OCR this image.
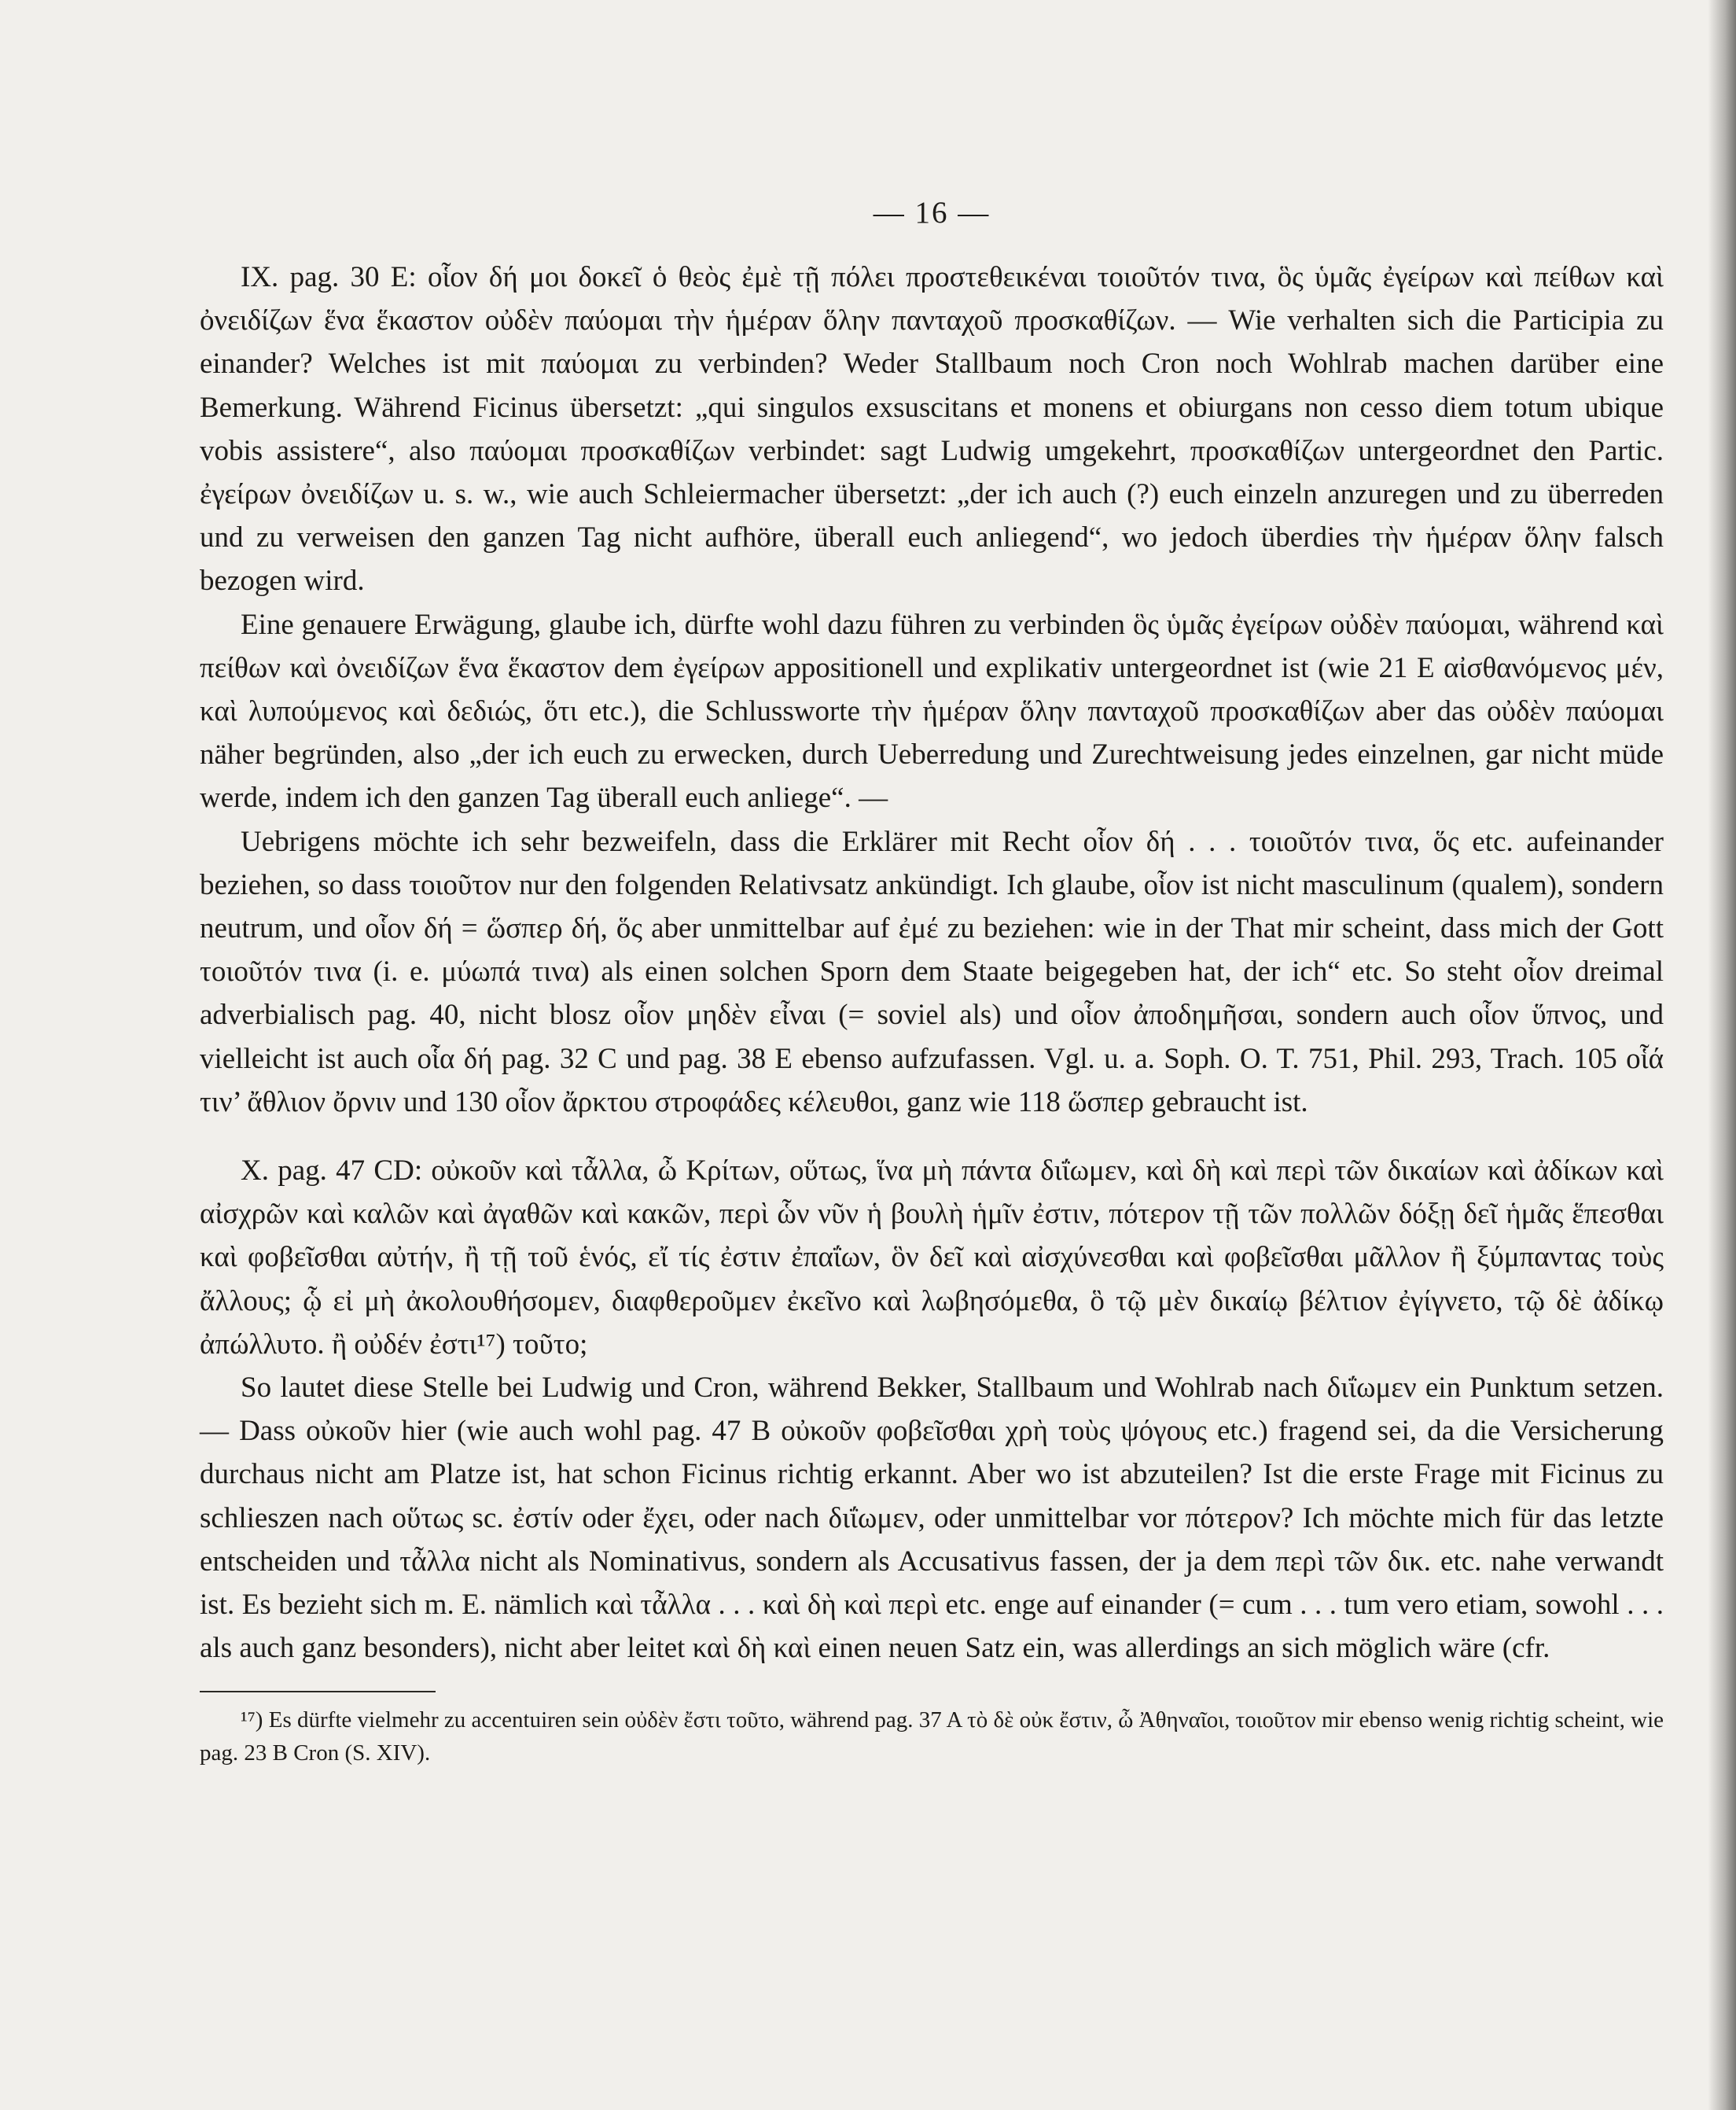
— 16 —

IX. pag. 30 E: οἷον δή μοι δοκεῖ ὁ θεὸς ἐμὲ τῇ πόλει προστεθεικέναι τοιοῦτόν τινα, ὃς ὑμᾶς ἐγείρων καὶ πείθων καὶ ὀνειδίζων ἕνα ἕκαστον οὐδὲν παύομαι τὴν ἡμέραν ὅλην πανταχοῦ προσκαθίζων. — Wie verhalten sich die Participia zu einander? Welches ist mit παύομαι zu verbinden? Weder Stallbaum noch Cron noch Wohlrab machen darüber eine Bemerkung. Während Ficinus übersetzt: „qui singulos exsuscitans et monens et obiurgans non cesso diem totum ubique vobis assistere“, also παύομαι προσκαθίζων verbindet: sagt Ludwig umgekehrt, προσκαθίζων untergeordnet den Partic. ἐγείρων ὀνειδίζων u. s. w., wie auch Schleiermacher übersetzt: „der ich auch (?) euch einzeln anzuregen und zu überreden und zu verweisen den ganzen Tag nicht aufhöre, überall euch anliegend“, wo jedoch überdies τὴν ἡμέραν ὅλην falsch bezogen wird.

Eine genauere Erwägung, glaube ich, dürfte wohl dazu führen zu verbinden ὃς ὑμᾶς ἐγείρων οὐδὲν παύομαι, während καὶ πείθων καὶ ὀνειδίζων ἕνα ἕκαστον dem ἐγείρων appositionell und explikativ untergeordnet ist (wie 21 E αἰσθανόμενος μέν, καὶ λυπούμενος καὶ δεδιώς, ὅτι etc.), die Schlussworte τὴν ἡμέραν ὅλην πανταχοῦ προσκαθίζων aber das οὐδὲν παύομαι näher begründen, also „der ich euch zu erwecken, durch Ueberredung und Zurechtweisung jedes einzelnen, gar nicht müde werde, indem ich den ganzen Tag überall euch anliege“. —

Uebrigens möchte ich sehr bezweifeln, dass die Erklärer mit Recht οἷον δή . . . τοιοῦτόν τινα, ὅς etc. aufeinander beziehen, so dass τοιοῦτον nur den folgenden Relativsatz ankündigt. Ich glaube, οἷον ist nicht masculinum (qualem), sondern neutrum, und οἷον δή = ὥσπερ δή, ὅς aber unmittelbar auf ἐμέ zu beziehen: wie in der That mir scheint, dass mich der Gott τοιοῦτόν τινα (i. e. μύωπά τινα) als einen solchen Sporn dem Staate beigegeben hat, der ich“ etc. So steht οἷον dreimal adverbialisch pag. 40, nicht blosz οἷον μηδὲν εἶναι (= soviel als) und οἷον ἀποδημῆσαι, sondern auch οἷον ὕπνος, und vielleicht ist auch οἷα δή pag. 32 C und pag. 38 E ebenso aufzufassen. Vgl. u. a. Soph. O. T. 751, Phil. 293, Trach. 105 οἷά τιν’ ἄθλιον ὄρνιν und 130 οἷον ἄρκτου στροφάδες κέλευθοι, ganz wie 118 ὥσπερ gebraucht ist.

X. pag. 47 CD: οὐκοῦν καὶ τἆλλα, ὦ Κρίτων, οὕτως, ἵνα μὴ πάντα διΐωμεν, καὶ δὴ καὶ περὶ τῶν δικαίων καὶ ἀδίκων καὶ αἰσχρῶν καὶ καλῶν καὶ ἀγαθῶν καὶ κακῶν, περὶ ὧν νῦν ἡ βουλὴ ἡμῖν ἐστιν, πότερον τῇ τῶν πολλῶν δόξῃ δεῖ ἡμᾶς ἕπεσθαι καὶ φοβεῖσθαι αὐτήν, ἢ τῇ τοῦ ἑνός, εἴ τίς ἐστιν ἐπαΐων, ὃν δεῖ καὶ αἰσχύνεσθαι καὶ φοβεῖσθαι μᾶλλον ἢ ξύμπαντας τοὺς ἄλλους; ᾧ εἰ μὴ ἀκολουθήσομεν, διαφθεροῦμεν ἐκεῖνο καὶ λωβησόμεθα, ὃ τῷ μὲν δικαίῳ βέλτιον ἐγίγνετο, τῷ δὲ ἀδίκῳ ἀπώλλυτο. ἢ οὐδέν ἐστι¹⁷) τοῦτο;

So lautet diese Stelle bei Ludwig und Cron, während Bekker, Stallbaum und Wohlrab nach διΐωμεν ein Punktum setzen. — Dass οὐκοῦν hier (wie auch wohl pag. 47 B οὐκοῦν φοβεῖσθαι χρὴ τοὺς ψόγους etc.) fragend sei, da die Versicherung durchaus nicht am Platze ist, hat schon Ficinus richtig erkannt. Aber wo ist abzuteilen? Ist die erste Frage mit Ficinus zu schlieszen nach οὕτως sc. ἐστίν oder ἔχει, oder nach διΐωμεν, oder unmittelbar vor πότερον? Ich möchte mich für das letzte entscheiden und τἆλλα nicht als Nominativus, sondern als Accusativus fassen, der ja dem περὶ τῶν δικ. etc. nahe verwandt ist. Es bezieht sich m. E. nämlich καὶ τἆλλα . . . καὶ δὴ καὶ περὶ etc. enge auf einander (= cum . . . tum vero etiam, sowohl . . . als auch ganz besonders), nicht aber leitet καὶ δὴ καὶ einen neuen Satz ein, was allerdings an sich möglich wäre (cfr.

¹⁷) Es dürfte vielmehr zu accentuiren sein οὐδὲν ἔστι τοῦτο, während pag. 37 A τὸ δὲ οὐκ ἔστιν, ὦ Ἀθηναῖοι, τοιοῦτον mir ebenso wenig richtig scheint, wie pag. 23 B Cron (S. XIV).
